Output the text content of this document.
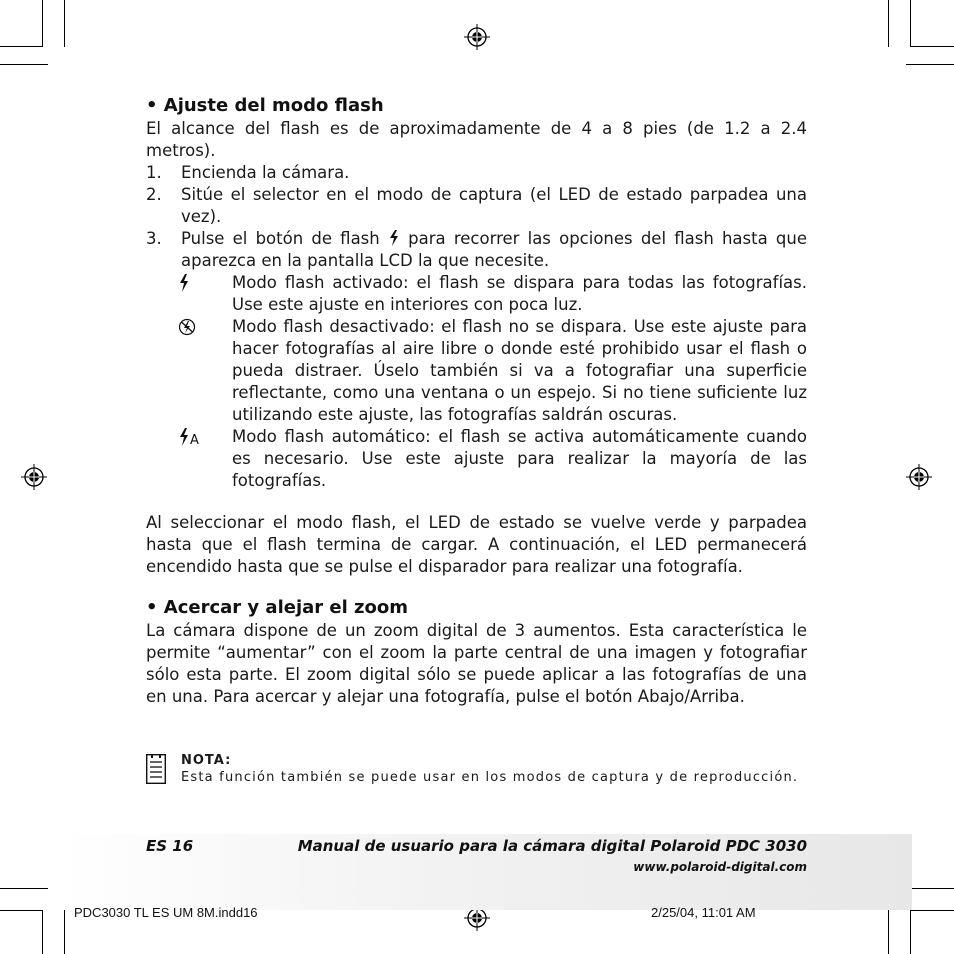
• Ajuste del modo flash

El alcance del flash es de aproximadamente de 4 a 8 pies (de 1.2 a 2.4

metros).

1.	Encienda la cámara.
2.	Sitúe el selector en el modo de captura (el LED de estado parpadea una
vez).
3.	Pulse el botón de flash para recorrer las opciones del flash hasta que
aparezca en la pantalla LCD la que necesite.
Modo flash activado: el flash se dispara para todas las fotografías. Use este ajuste en interiores con poca luz.
Modo flash desactivado: el flash no se dispara. Use este ajuste para hacer fotografías al aire libre o donde esté prohibido usar el flash o pueda distraer. Úselo también si va a fotografiar una superficie reflectante, como una ventana o un espejo. Si no tiene suficiente luz utilizando este ajuste, las fotografías saldrán oscuras.
A Modo flash automático: el flash se activa automáticamente cuando es necesario. Use este ajuste para realizar la mayoría de las fotografías.

Al seleccionar el modo flash, el LED de estado se vuelve verde y parpadea hasta que el flash termina de cargar. A continuación, el LED permanecerá encendido hasta que se pulse el disparador para realizar una fotografía.

• Acercar y alejar el zoom

La cámara dispone de un zoom digital de 3 aumentos. Esta característica le permite “aumentar” con el zoom la parte central de una imagen y fotografiar sólo esta parte. El zoom digital sólo se puede aplicar a las fotografías de una en una. Para acercar y alejar una fotografía, pulse el botón Abajo/Arriba.

NOTA:
Esta función también se puede usar en los modos de captura y de reproducción.
ES 16	Manual de usuario para la cámara digital Polaroid PDC 3030
www.polaroid-digital.com
PDC3030 TL ES UM 8M.indd16	2/25/04, 11:01 AM
